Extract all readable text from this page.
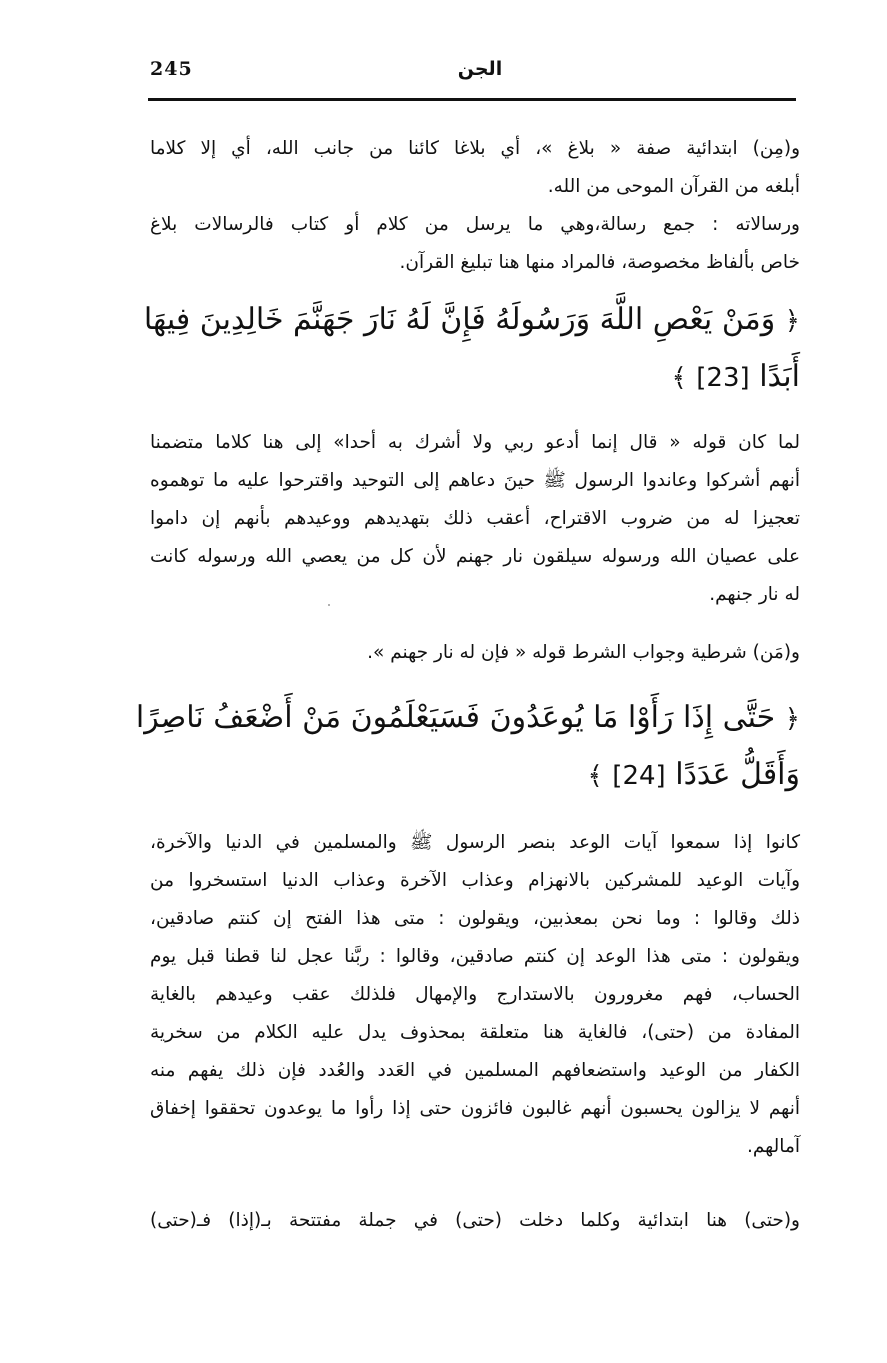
245	الجن
و(مِن) ابتدائية صفة « بلاغ »، أي بلاغا كائنا من جانب الله، أي إلا كلاما
أبلغه من القرآن الموحى من الله.
ورسالاته : جمع رسالة،وهي ما يرسل من كلام أو كتاب فالرسالات بلاغ
خاص بألفاظ مخصوصة، فالمراد منها هنا تبليغ القرآن.
﴿ وَمَنْ يَعْصِ اللَّهَ وَرَسُولَهُ فَإِنَّ لَهُ نَارَ جَهَنَّمَ خَالِدِينَ فِيهَا
أَبَدًا [23] ﴾
لما كان قوله « قال إنما أدعو ربي ولا أشرك به أحدا» إلى هنا كلاما متضمنا
أنهم أشركوا وعاندوا الرسول ﷺ حينَ دعاهم إلى التوحيد واقترحوا عليه ما توهموه
تعجيزا له من ضروب الاقتراح، أعقب ذلك بتهديدهم ووعيدهم بأنهم إن داموا
على عصيان الله ورسوله سيلقون نار جهنم لأن كل من يعصي الله ورسوله كانت
له نار جنهم.
و(مَن) شرطية وجواب الشرط قوله « فإن له نار جهنم ».
﴿ حَتَّى إِذَا رَأَوْا مَا يُوعَدُونَ فَسَيَعْلَمُونَ مَنْ أَضْعَفُ نَاصِرًا
وَأَقَلُّ عَدَدًا [24] ﴾
كانوا إذا سمعوا آيات الوعد بنصر الرسول ﷺ والمسلمين في الدنيا والآخرة،
وآيات الوعيد للمشركين بالانهزام وعذاب الآخرة وعذاب الدنيا استسخروا من
ذلك وقالوا : وما نحن بمعذبين، ويقولون : متى هذا الفتح إن كنتم صادقين،
ويقولون : متى هذا الوعد إن كنتم صادقين، وقالوا : ربَّنا عجل لنا قطنا قبل يوم
الحساب، فهم مغرورون بالاستدارج والإمهال فلذلك عقب وعيدهم بالغاية
المفادة من (حتى)، فالغاية هنا متعلقة بمحذوف يدل عليه الكلام من سخرية
الكفار من الوعيد واستضعافهم المسلمين في العَدد والعُدد فإن ذلك يفهم منه
أنهم لا يزالون يحسبون أنهم غالبون فائزون حتى إذا رأوا ما يوعدون تحققوا إخفاق
آمالهم.
و(حتى) هنا ابتدائية وكلما دخلت (حتى) في جملة مفتتحة بـ(إذا) فـ(حتى)
